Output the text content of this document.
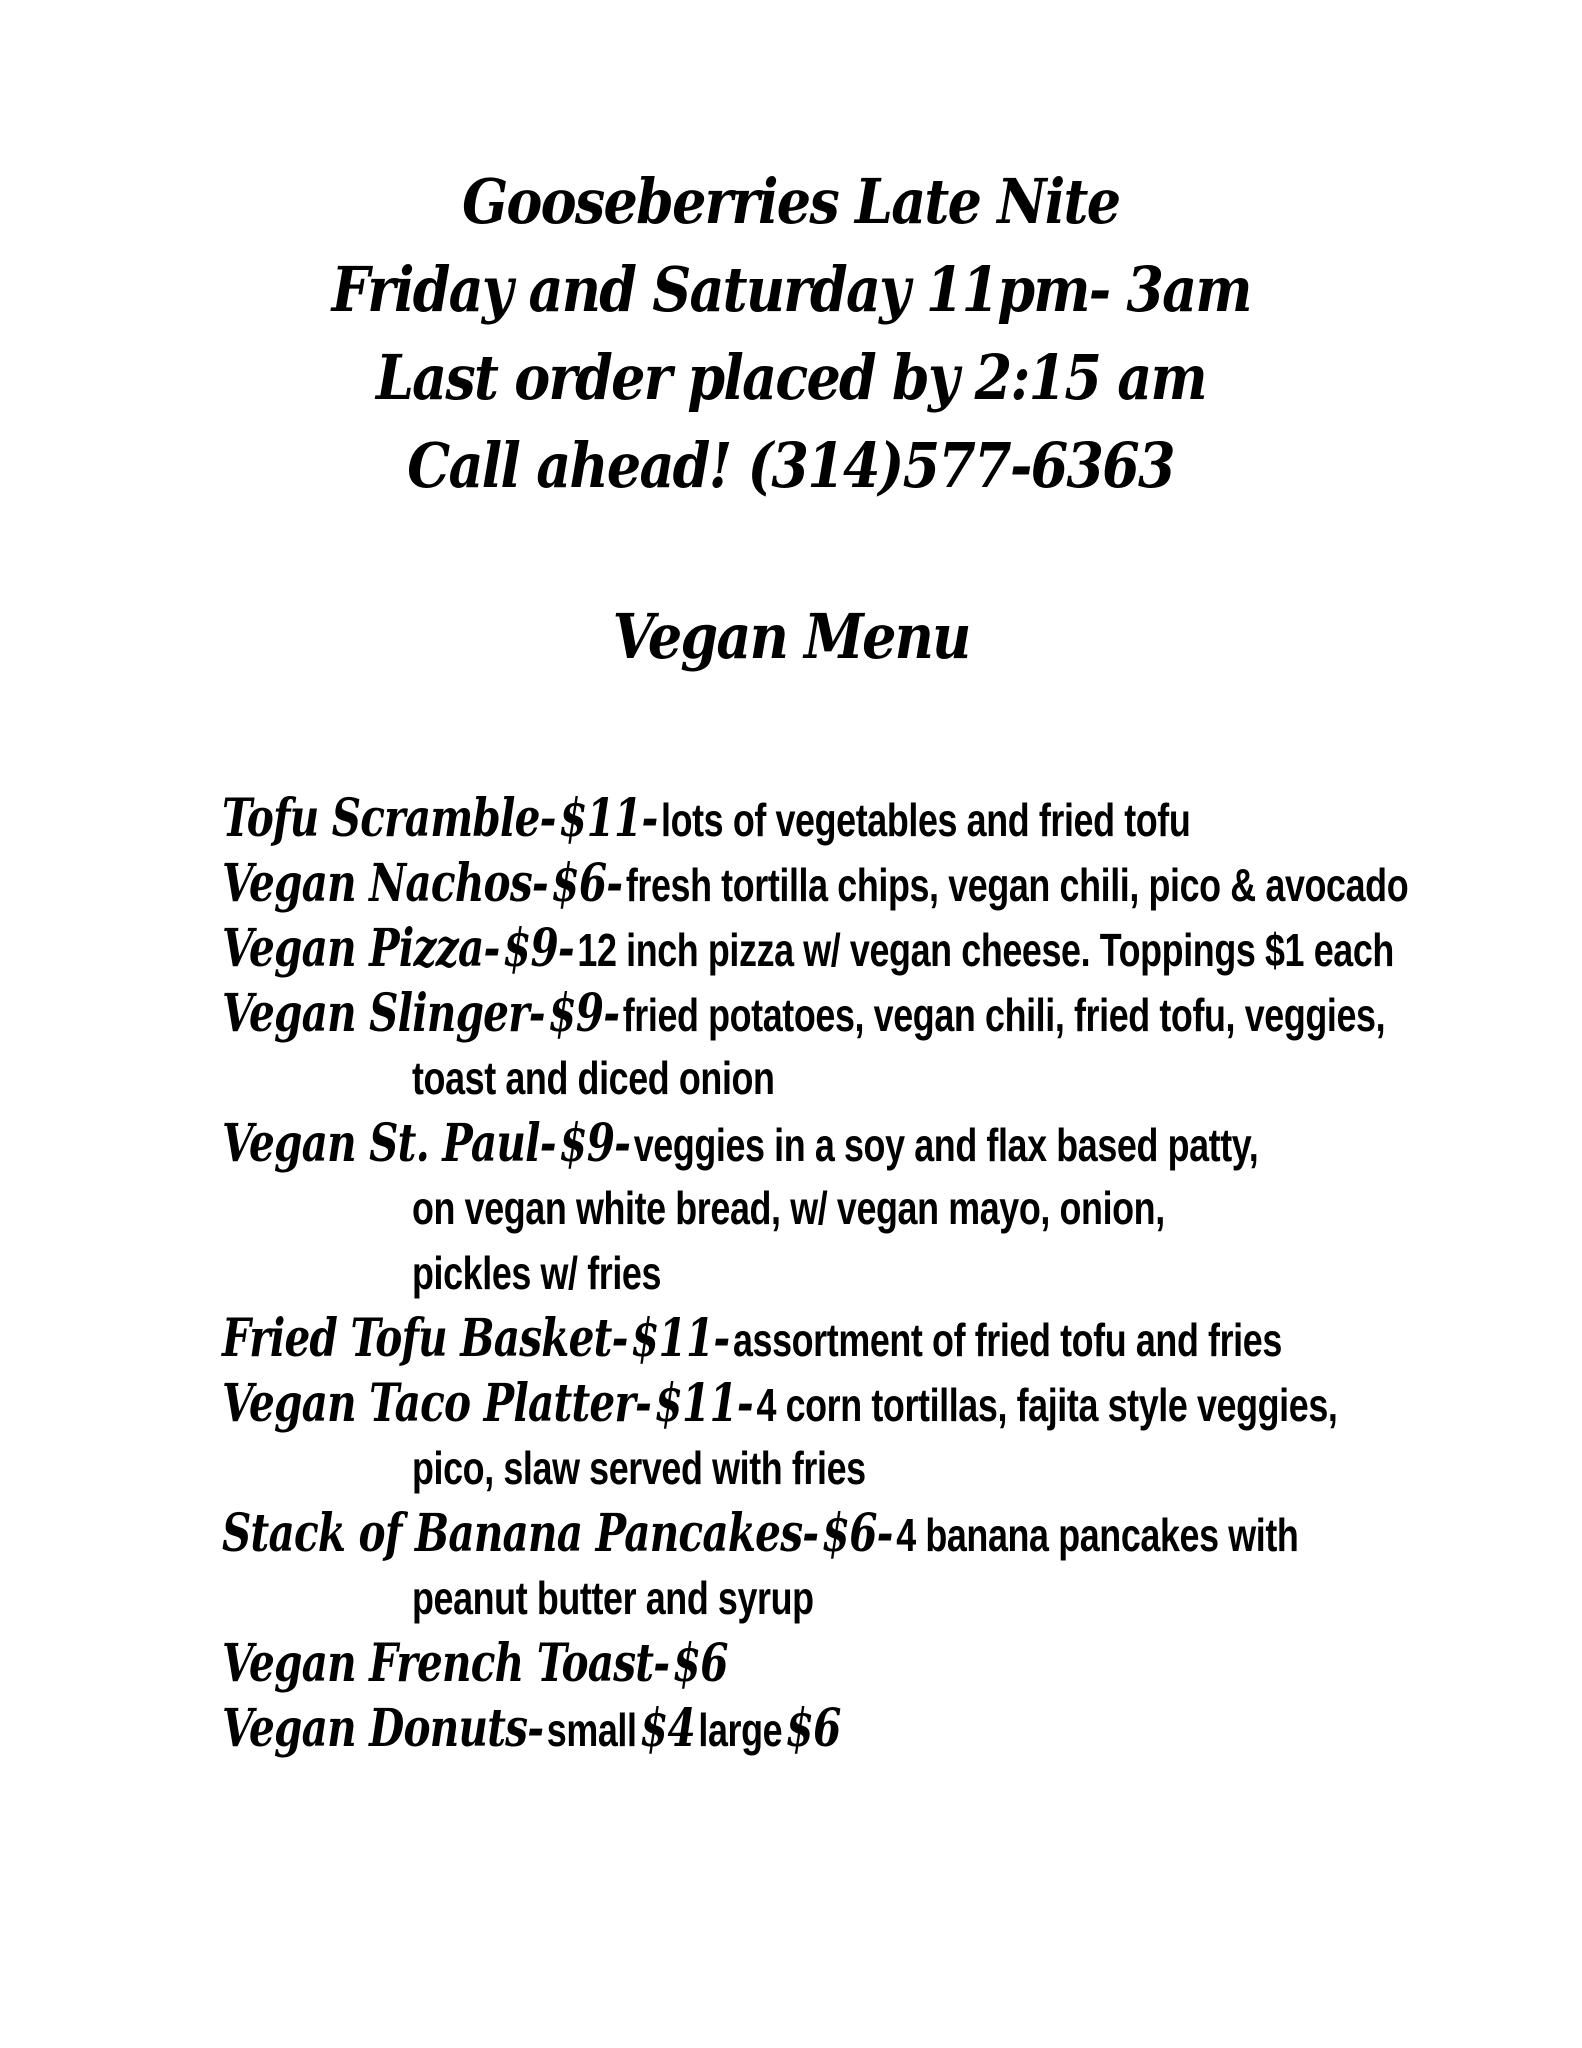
Gooseberries Late Nite
Friday and Saturday 11pm- 3am
Last order placed by 2:15 am
Call ahead! (314)577-6363
Vegan Menu
Tofu Scramble- $11- lots of vegetables and fried tofu
Vegan Nachos- $6- fresh tortilla chips, vegan chili, pico & avocado
Vegan Pizza- $9- 12 inch pizza w/ vegan cheese. Toppings $1 each
Vegan Slinger- $9- fried potatoes, vegan chili, fried tofu, veggies,
toast and diced onion
Vegan St. Paul- $9- veggies in a soy and flax based patty,
on vegan white bread, w/ vegan mayo, onion,
pickles w/ fries
Fried Tofu Basket- $11- assortment of fried tofu and fries
Vegan Taco Platter- $11- 4 corn tortillas, fajita style veggies,
pico, slaw served with fries
Stack of Banana Pancakes- $6- 4 banana pancakes with
peanut butter and syrup
Vegan French Toast- $6
Vegan Donuts- small $4 large $6
